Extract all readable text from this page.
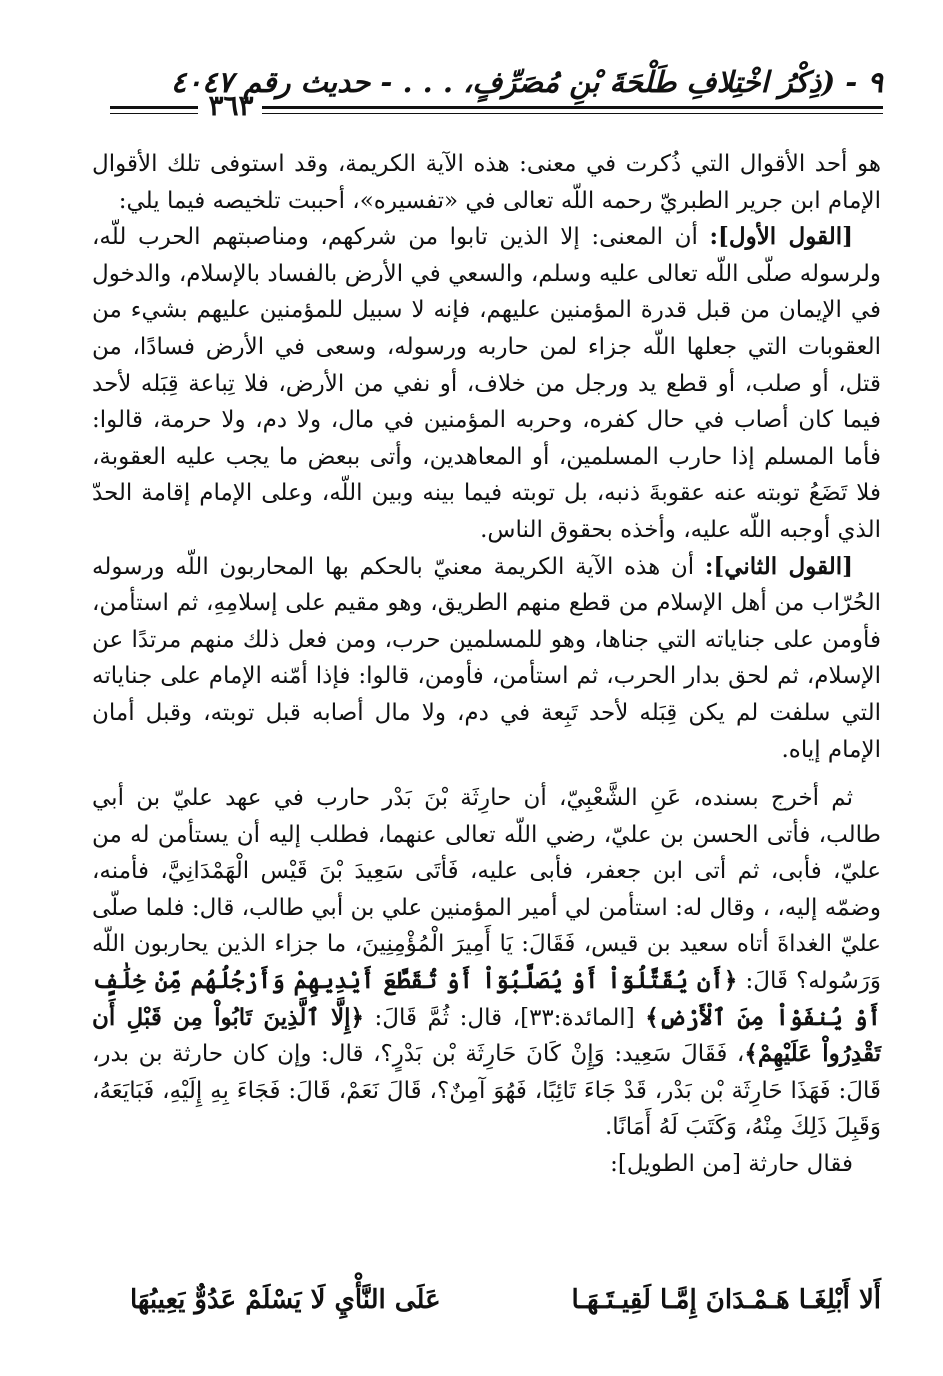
٩ - (ذِكْرُ اخْتِلافِ طَلْحَةَ بْنِ مُصَرِّفٍ، . . . - حديث رقم ٤٠٤٧
٣٦٣

هو أحد الأقوال التي ذُكرت في معنى: هذه الآية الكريمة، وقد استوفى تلك الأقوال الإمام ابن جرير الطبريّ رحمه اللّه تعالى في «تفسيره»، أحببت تلخيصه فيما يلي:

[القول الأول]: أن المعنى: إلا الذين تابوا من شركهم، ومناصبتهم الحرب للّه، ولرسوله صلّى اللّه تعالى عليه وسلم، والسعي في الأرض بالفساد بالإسلام، والدخول في الإيمان من قبل قدرة المؤمنين عليهم، فإنه لا سبيل للمؤمنين عليهم بشيء من العقوبات التي جعلها اللّه جزاء لمن حاربه ورسوله، وسعى في الأرض فسادًا، من قتل، أو صلب، أو قطع يد ورجل من خلاف، أو نفي من الأرض، فلا تِباعة قِبَله لأحد فيما كان أصاب في حال كفره، وحربه المؤمنين في مال، ولا دم، ولا حرمة، قالوا: فأما المسلم إذا حارب المسلمين، أو المعاهدين، وأتى ببعض ما يجب عليه العقوبة، فلا تَضَعُ توبته عنه عقوبةَ ذنبه، بل توبته فيما بينه وبين اللّه، وعلى الإمام إقامة الحدّ الذي أوجبه اللّه عليه، وأخذه بحقوق الناس.

[القول الثاني]: أن هذه الآية الكريمة معنيّ بالحكم بها المحاربون اللّه ورسوله الحُرّاب من أهل الإسلام من قطع منهم الطريق، وهو مقيم على إسلامِهِ، ثم استأمن، فأومن على جناياته التي جناها، وهو للمسلمين حرب، ومن فعل ذلك منهم مرتدًا عن الإسلام، ثم لحق بدار الحرب، ثم استأمن، فأومن، قالوا: فإذا أمّنه الإمام على جناياته التي سلفت لم يكن قِبَله لأحد تَبِعة في دم، ولا مال أصابه قبل توبته، وقبل أمان الإمام إياه.

ثم أخرج بسنده، عَنِ الشَّعْبِيّ، أن حارِثَة بْنَ بَدْر حارب في عهد عليّ بن أبي طالب، فأتى الحسن بن عليّ، رضي اللّه تعالى عنهما، فطلب إليه أن يستأمن له من عليّ، فأبى، ثم أتى ابن جعفر، فأبى عليه، فَأتَى سَعِيدَ بْنَ قَيْس الْهَمْدَانِيَّ، فأمنه، وضمّه إليه، ، وقال له: استأمن لي أمير المؤمنين علي بن أبي طالب، قال: فلما صلّى عليّ الغداةَ أتاه سعيد بن قيس، فَقَالَ: يَا أَمِيرَ الْمُؤْمِنِينَ، ما جزاء الذين يحاربون اللّه وَرَسُوله؟ قَالَ: ﴿أَن يُقَتَّلُوٓاْ أَوْ يُصَلَّبُوٓاْ أَوْ تُقَطَّعَ أَيْدِيهِمْ وَأَرْجُلُهُم مِّنْ خِلَٰفٍ أَوْ يُنفَوْاْ مِنَ ٱلْأَرْضِ﴾ [المائدة:٣٣]، قال: ثُمَّ قَالَ: ﴿إِلَّا ٱلَّذِينَ تَابُواْ مِن قَبْلِ أَن تَقْدِرُواْ عَلَيْهِمْ﴾، فَقَالَ سَعِيد: وَإِنْ كَانَ حَارِثَة بْن بَدْرٍ؟، قال: وإن كان حارثة بن بدر، قَالَ: فَهَذَا حَارِثَة بْن بَدْر، قَدْ جَاءَ تَائِبًا، فَهُوَ آمِنٌ؟، قَالَ نَعَمْ، قَالَ: فَجَاءَ بِهِ إِلَيْهِ، فَبَايَعَهُ، وَقَبِلَ ذَلِكَ مِنْهُ، وَكَتَبَ لَهُ أَمَانًا.

فقال حارثة [من الطويل]:

أَلا أَبْلِغَـا هَـمْـدَانَ إِمَّـا لَقِيـتَـهَـا
عَلَى النَّأْيِ لَا يَسْلَمْ عَدُوٌّ يَعِيبُهَا
